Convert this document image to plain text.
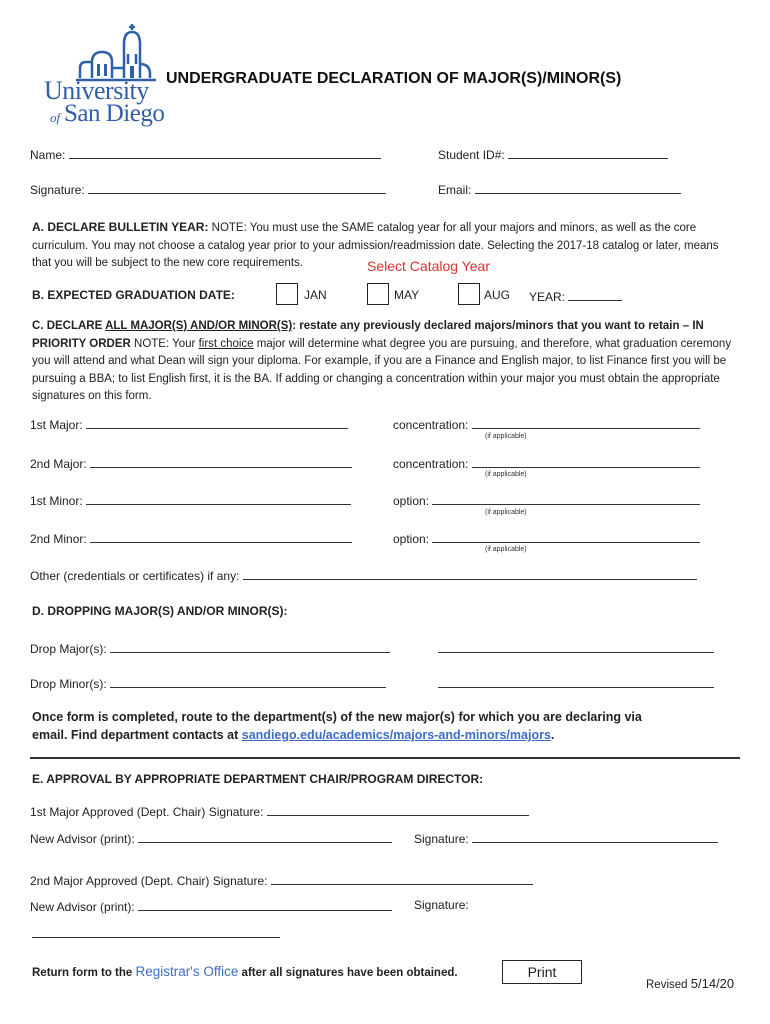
University
of San Diego
UNDERGRADUATE DECLARATION OF MAJOR(S)/MINOR(S)
Name:	Student ID#:
Signature:	Email:
A. DECLARE BULLETIN YEAR: NOTE: You must use the SAME catalog year for all your majors and minors, as well as the core curriculum. You may not choose a catalog year prior to your admission/readmission date. Selecting the 2017-18 catalog or later, means that you will be subject to the new core requirements.	Select Catalog Year
B. EXPECTED GRADUATION DATE:	JAN	MAY	AUG YEAR:
C. DECLARE ALL MAJOR(S) AND/OR MINOR(S): restate any previously declared majors/minors that you want to retain – IN PRIORITY ORDER NOTE: Your first choice major will determine what degree you are pursuing, and therefore, what graduation ceremony you will attend and what Dean will sign your diploma. For example, if you are a Finance and English major, to list Finance first you will be pursuing a BBA; to list English first, it is the BA. If adding or changing a concentration within your major you must obtain the appropriate signatures on this form.
1st Major:	concentration:
(if applicable)
2nd Major:	concentration:
(if applicable)
1st Minor:	option:
(if applicable)
2nd Minor:	option:
(if applicable)
Other (credentials or certificates) if any:
D. DROPPING MAJOR(S) AND/OR MINOR(S):
Drop Major(s):
Drop Minor(s):
Once form is completed, route to the department(s) of the new major(s) for which you are declaring via
email. Find department contacts at sandiego.edu/academics/majors-and-minors/majors.
E. APPROVAL BY APPROPRIATE DEPARTMENT CHAIR/PROGRAM DIRECTOR:
1st Major Approved (Dept. Chair) Signature:
New Advisor (print):	Signature:
2nd Major Approved (Dept. Chair) Signature:
New Advisor (print):	Signature:
Return form to the Registrar's Office after all signatures have been obtained.	Print
Revised 5/14/20
